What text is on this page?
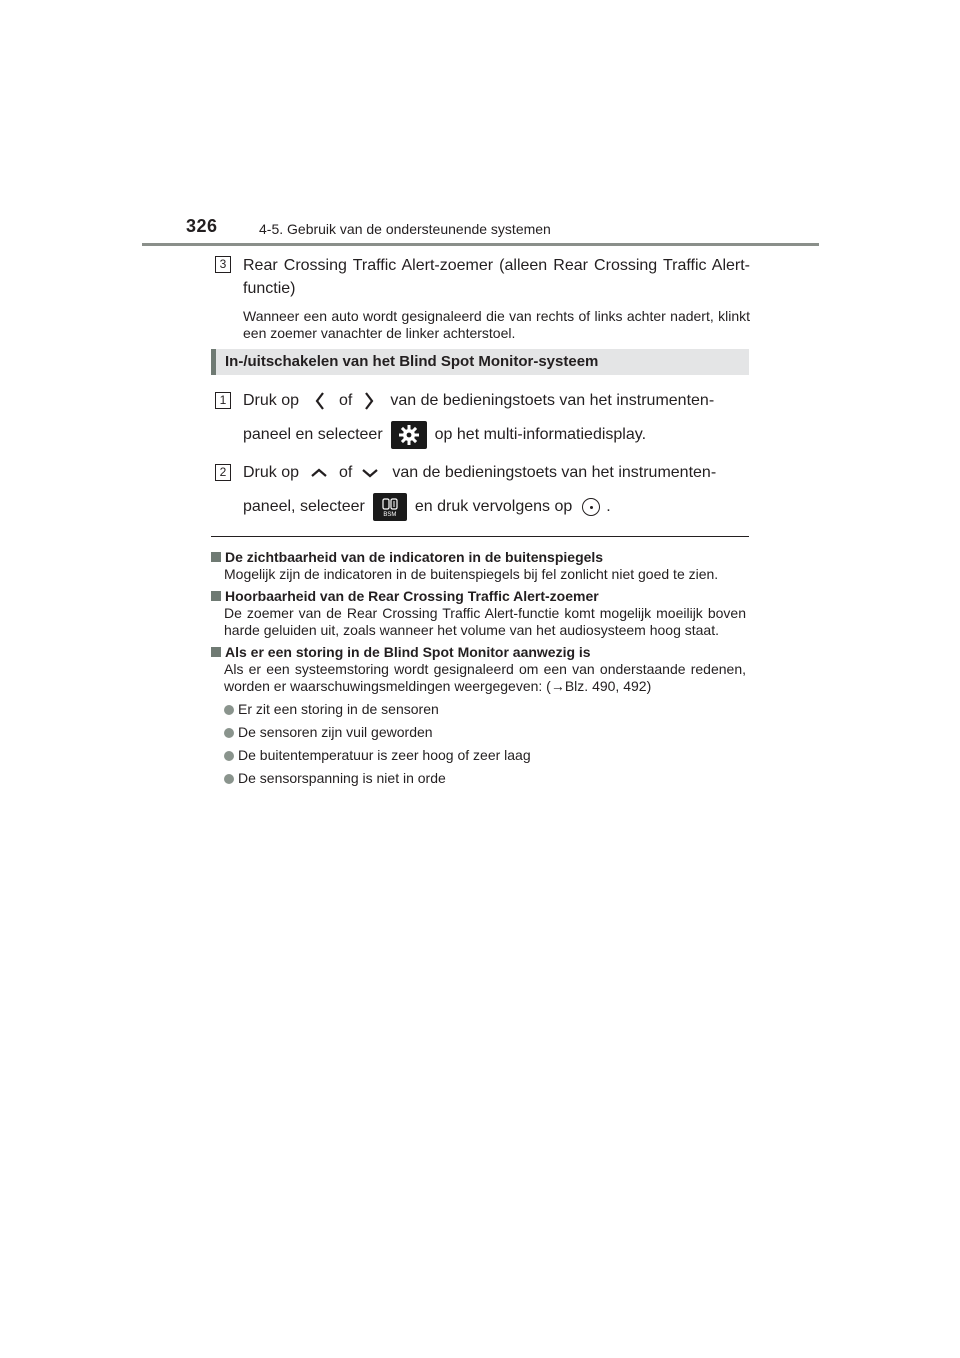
326	4-5. Gebruik van de ondersteunende systemen
3 Rear Crossing Traffic Alert-zoemer (alleen Rear Crossing Traffic Alert-functie)
Wanneer een auto wordt gesignaleerd die van rechts of links achter nadert, klinkt een zoemer vanachter de linker achterstoel.
In-/uitschakelen van het Blind Spot Monitor-systeem
1 Druk op	of van de bedieningstoets van het instrumenten-
paneel en selecteer	op het multi-informatiedisplay.
2 Druk op	of	van de bedieningstoets van het instrumenten-
paneel, selecteer	BSM en druk vervolgens op .
De zichtbaarheid van de indicatoren in de buitenspiegels
Mogelijk zijn de indicatoren in de buitenspiegels bij fel zonlicht niet goed te zien.
Hoorbaarheid van de Rear Crossing Traffic Alert-zoemer
De zoemer van de Rear Crossing Traffic Alert-functie komt mogelijk moeilijk boven harde geluiden uit, zoals wanneer het volume van het audiosysteem hoog staat.
Als er een storing in de Blind Spot Monitor aanwezig is
Als er een systeemstoring wordt gesignaleerd om een van onderstaande redenen, worden er waarschuwingsmeldingen weergegeven: (→Blz. 490, 492)
Er zit een storing in de sensoren
De sensoren zijn vuil geworden
De buitentemperatuur is zeer hoog of zeer laag
De sensorspanning is niet in orde
